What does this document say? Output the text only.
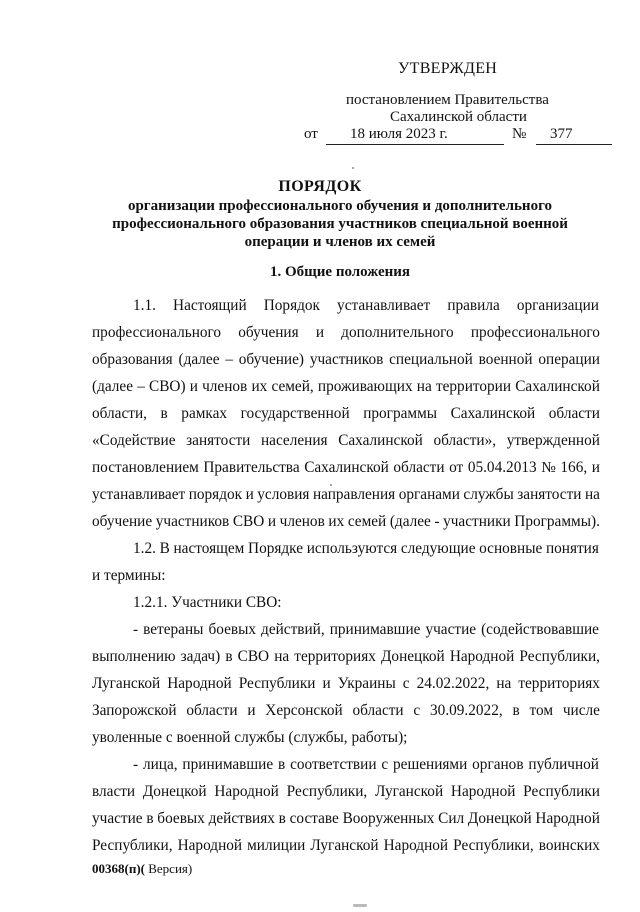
УТВЕРЖДЕН
постановлением Правительства
Сахалинской области
от 18 июля 2023 г.	№ 377
ПОРЯДОК
организации профессионального обучения и дополнительного
профессионального образования участников специальной военной
операции и членов их семей
1. Общие положения
1.1. Настоящий Порядок устанавливает правила организации
профессионального обучения и дополнительного профессионального
образования (далее – обучение) участников специальной военной операции
(далее – СВО) и членов их семей, проживающих на территории Сахалинской
области, в рамках государственной программы Сахалинской области
«Содействие занятости населения Сахалинской области», утвержденной
постановлением Правительства Сахалинской области от 05.04.2013 № 166, и
устанавливает порядок и условия направления органами службы занятости на
обучение участников СВО и членов их семей (далее - участники Программы).
1.2. В настоящем Порядке используются следующие основные понятия
и термины:
1.2.1. Участники СВО:
- ветераны боевых действий, принимавшие участие (содействовавшие
выполнению задач) в СВО на территориях Донецкой Народной Республики,
Луганской Народной Республики и Украины с 24.02.2022, на территориях
Запорожской области и Херсонской области с 30.09.2022, в том числе
уволенные с военной службы (службы, работы);
- лица, принимавшие в соответствии с решениями органов публичной
власти Донецкой Народной Республики, Луганской Народной Республики
участие в боевых действиях в составе Вооруженных Сил Донецкой Народной
Республики, Народной милиции Луганской Народной Республики, воинских
00368(п)( Версия)
